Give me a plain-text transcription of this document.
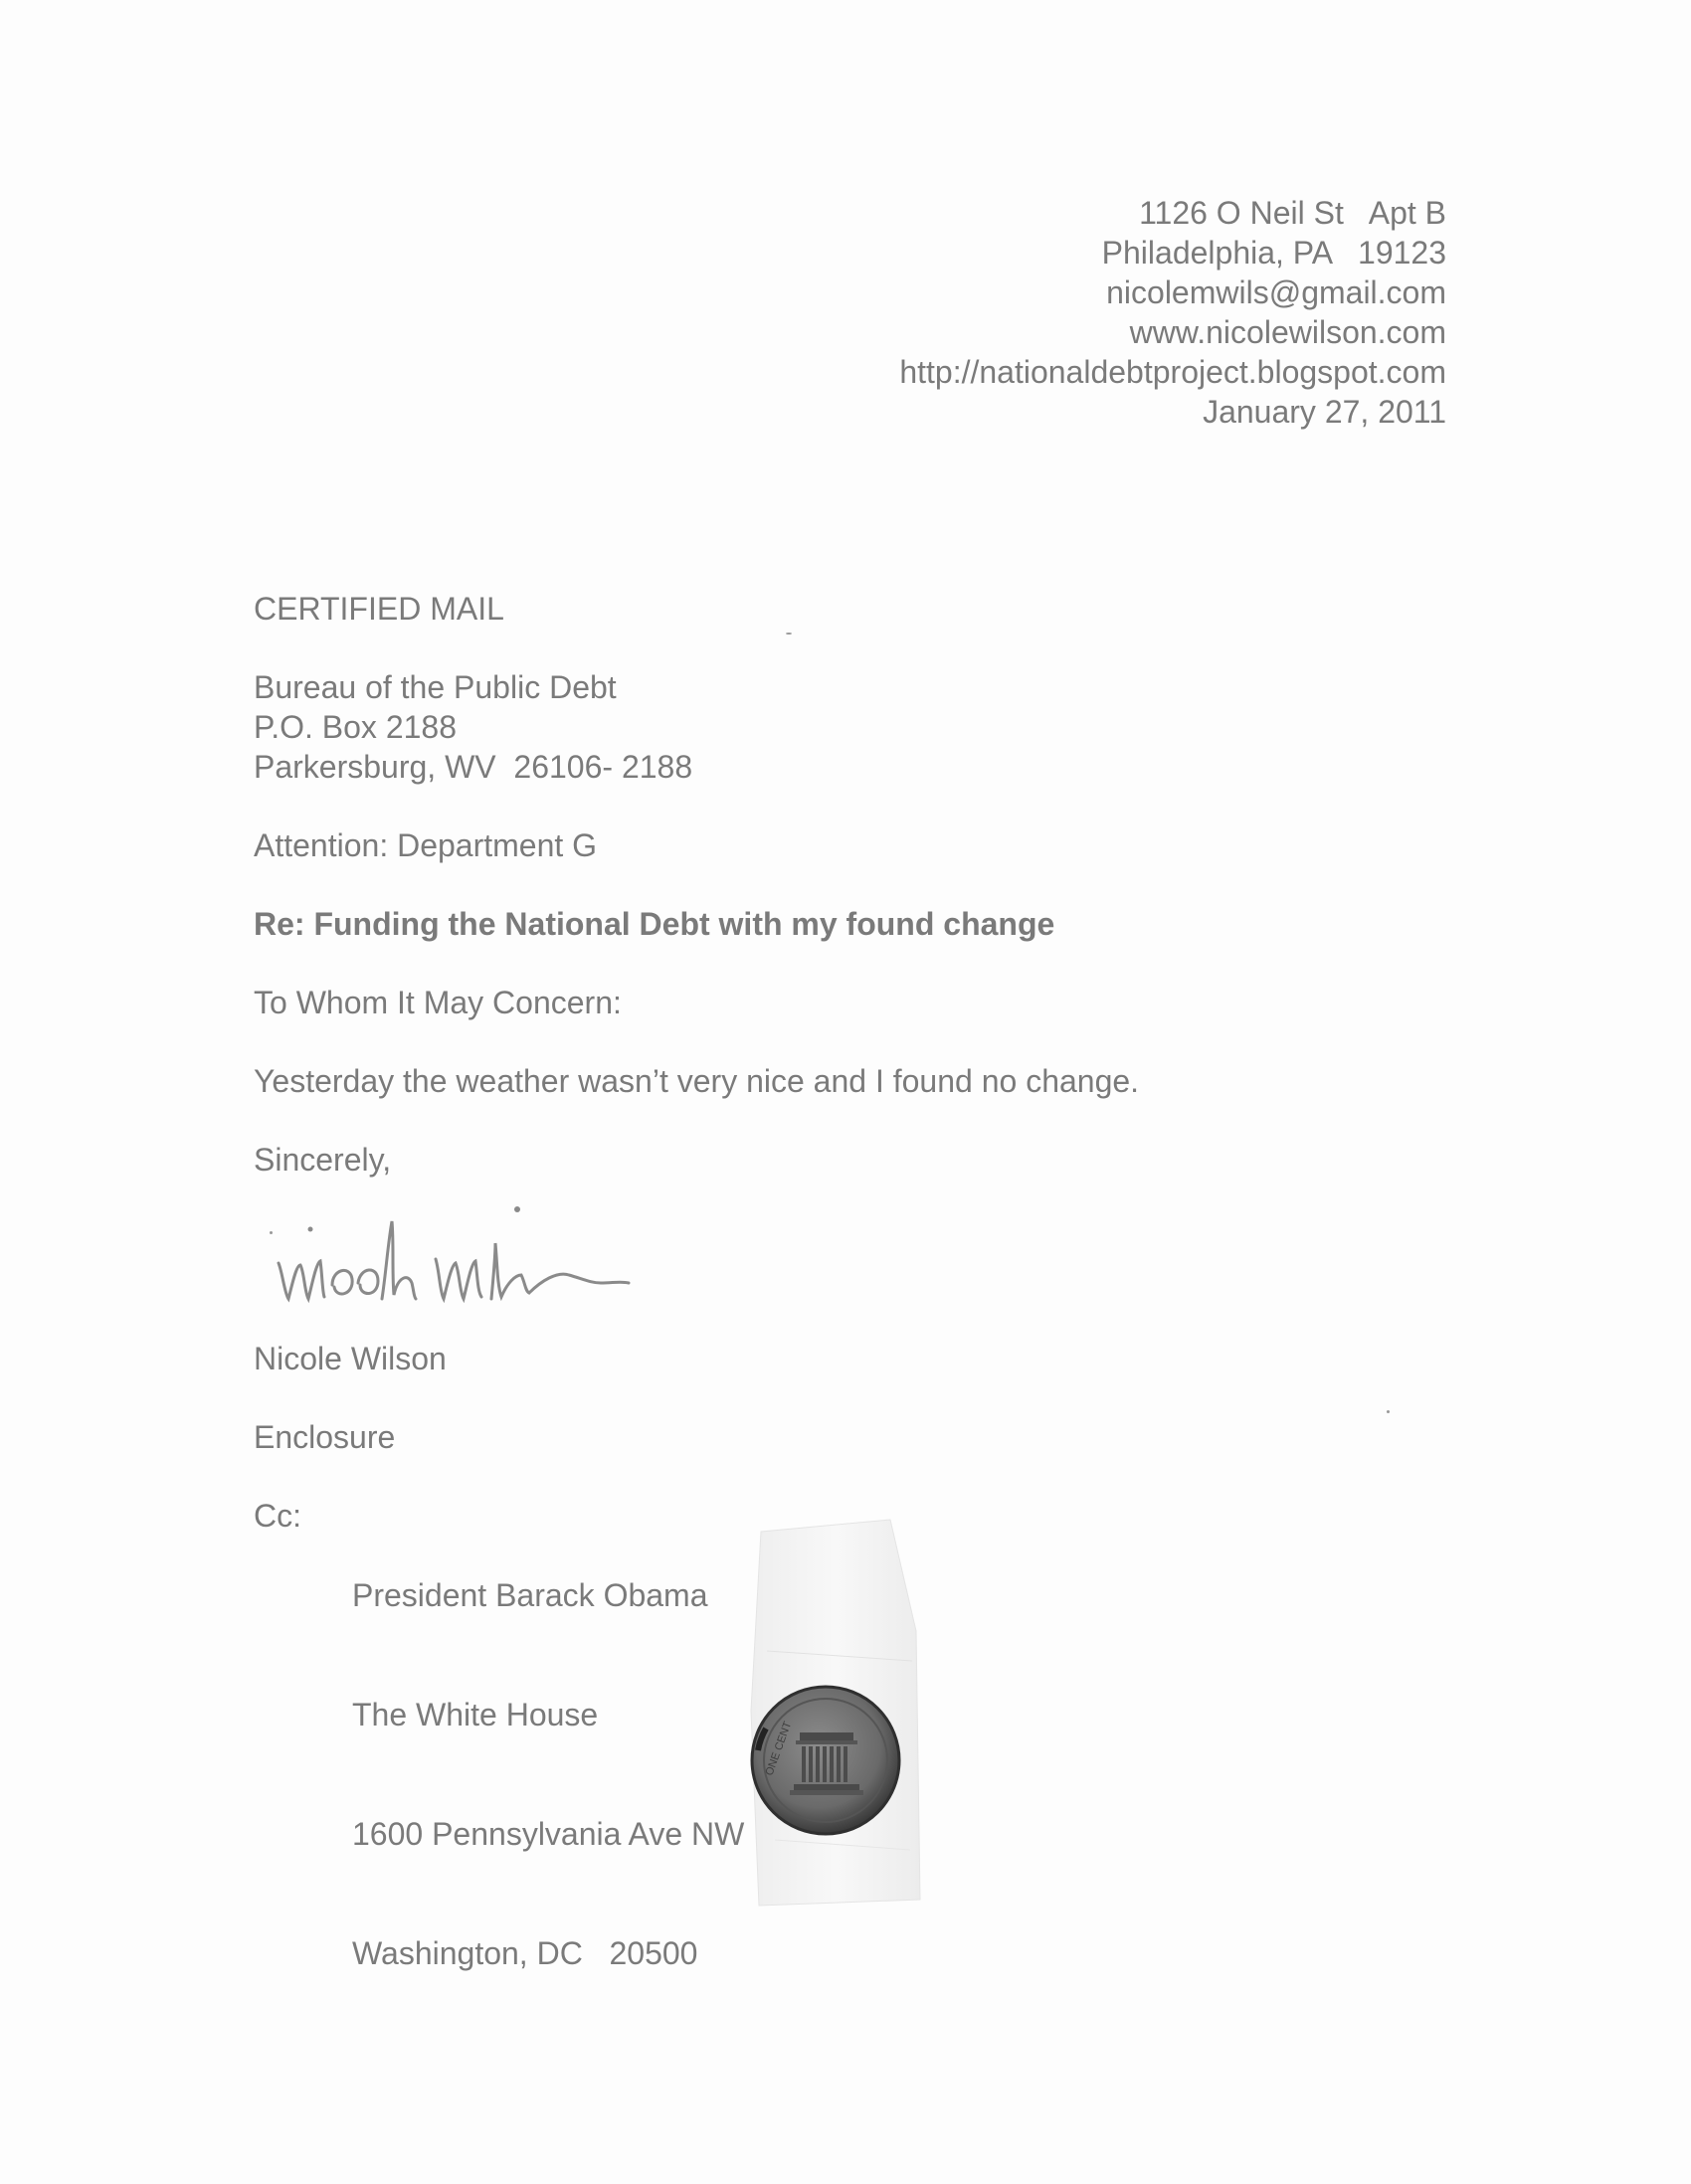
1126 O Neil St   Apt B
Philadelphia, PA   19123
nicolemwils@gmail.com
www.nicolewilson.com
http://nationaldebtproject.blogspot.com
January 27, 2011
CERTIFIED MAIL
Bureau of the Public Debt
P.O. Box 2188
Parkersburg, WV  26106- 2188
Attention: Department G
Re: Funding the National Debt with my found change
To Whom It May Concern:
Yesterday the weather wasn’t very nice and I found no change.
Sincerely,
Nicole Wilson
Enclosure
Cc:

President Barack Obama

The White House

1600 Pennsylvania Ave NW

Washington, DC   20500

ONE CENT
